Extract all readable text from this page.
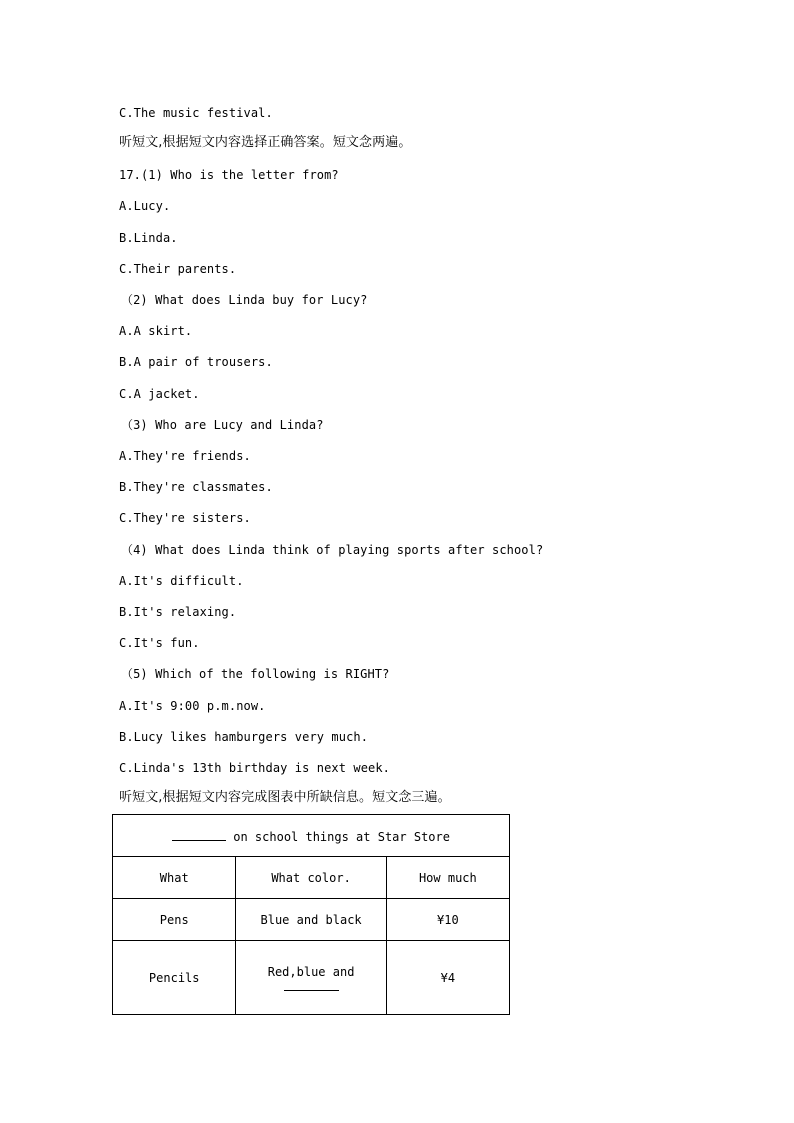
C.The music festival.
听短文,根据短文内容选择正确答案。短文念两遍。
17.(1) Who is the letter from?
A.Lucy.
B.Linda.
C.Their parents.
（2) What does Linda buy for Lucy?
A.A skirt.
B.A pair of trousers.
C.A jacket.
（3) Who are Lucy and Linda?
A.They're friends.
B.They're classmates.
C.They're sisters.
（4) What does Linda think of playing sports after school?
A.It's difficult.
B.It's relaxing.
C.It's fun.
（5) Which of the following is RIGHT?
A.It's 9:00 p.m.now.
B.Lucy likes hamburgers very much.
C.Linda's 13th birthday is next week.
听短文,根据短文内容完成图表中所缺信息。短文念三遍。
on school things at Star Store		
What	What color.	How much
Pens	Blue and black	¥10
Pencils	Red,blue and	¥4
